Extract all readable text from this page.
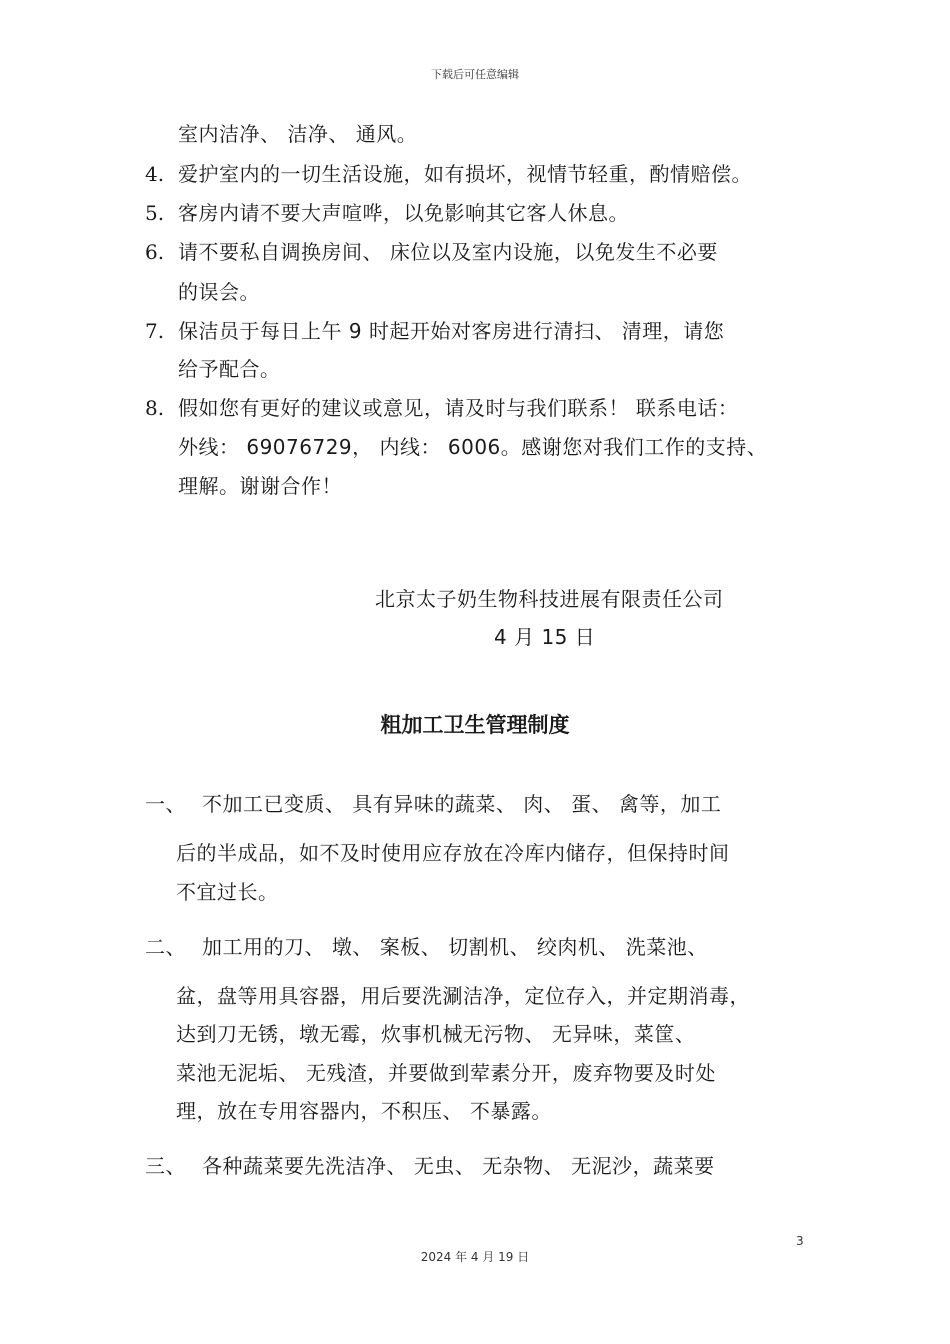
下载后可任意编辑
室内洁净、 洁净、 通风。
4. 爱护室内的一切生活设施，如有损坏，视情节轻重，酌情赔偿。
5. 客房内请不要大声喧哗，以免影响其它客人休息。
6. 请不要私自调换房间、 床位以及室内设施，以免发生不必要
的误会。
7. 保洁员于每日上午 9 时起开始对客房进行清扫、 清理，请您
给予配合。
8. 假如您有更好的建议或意见，请及时与我们联系！ 联系电话：
外线： 69076729， 内线： 6006。感谢您对我们工作的支持、
理解。谢谢合作！
北京太子奶生物科技进展有限责任公司
4 月 15 日
粗加工卫生管理制度
一、 不加工已变质、 具有异味的蔬菜、 肉、 蛋、 禽等，加工
后的半成品，如不及时使用应存放在冷库内储存，但保持时间
不宜过长。
二、 加工用的刀、 墩、 案板、 切割机、 绞肉机、 洗菜池、
盆，盘等用具容器，用后要洗涮洁净，定位存入，并定期消毒，
达到刀无锈，墩无霉，炊事机械无污物、 无异味，菜筐、
菜池无泥垢、 无残渣，并要做到荤素分开，废弃物要及时处
理，放在专用容器内，不积压、 不暴露。
三、 各种蔬菜要先洗洁净、 无虫、 无杂物、 无泥沙，蔬菜要
3
2024 年 4 月 19 日
